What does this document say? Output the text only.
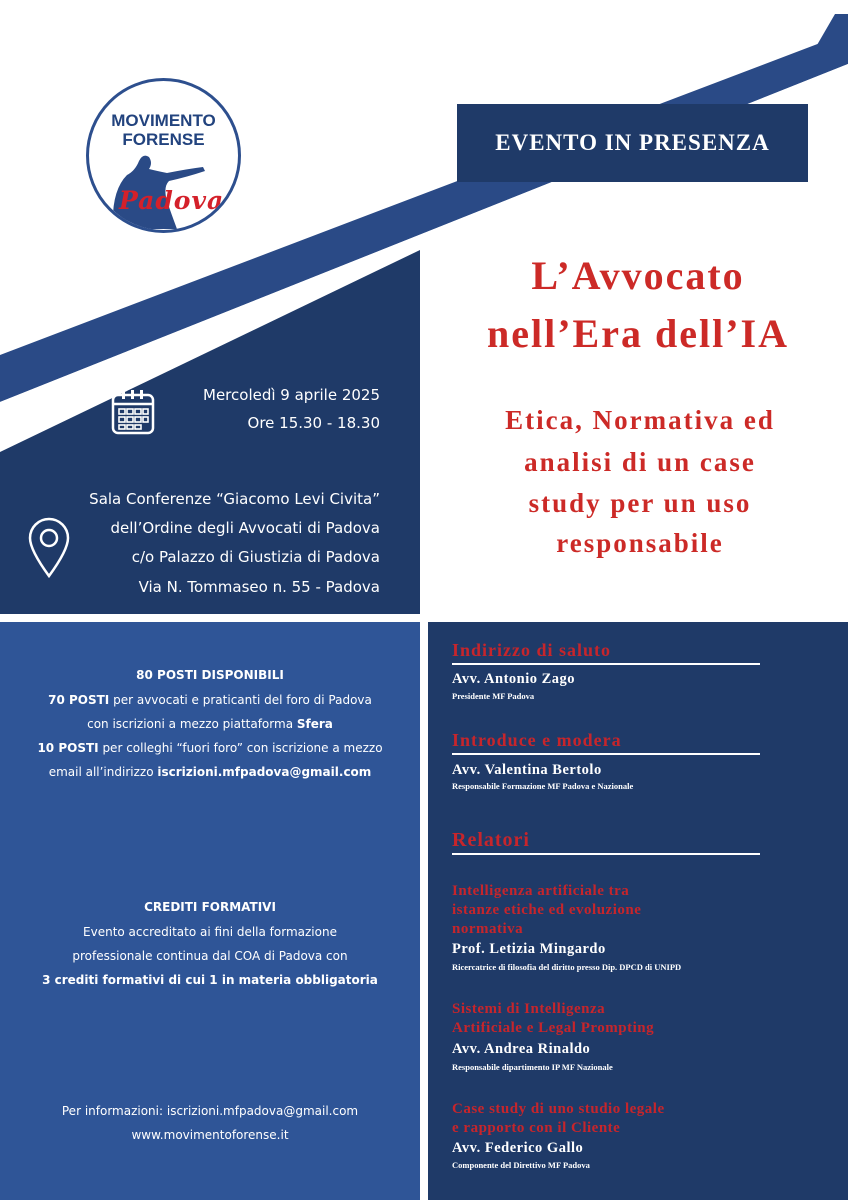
MOVIMENTO
FORENSE
Padova
EVENTO IN PRESENZA
L’Avvocato
nell’Era dell’IA
Etica, Normativa ed
analisi di un case
study per un uso
responsabile
Mercoledì 9 aprile 2025
Ore 15.30 - 18.30
Sala Conferenze “Giacomo Levi Civita”
dell’Ordine degli Avvocati di Padova
c/o Palazzo di Giustizia di Padova
Via N. Tommaseo n. 55 - Padova
80 POSTI DISPONIBILI
70 POSTI per avvocati e praticanti del foro di Padova
con iscrizioni a mezzo piattaforma Sfera
10 POSTI per colleghi “fuori foro” con iscrizione a mezzo
email all’indirizzo iscrizioni.mfpadova@gmail.com
CREDITI FORMATIVI
Evento accreditato ai fini della formazione
professionale continua dal COA di Padova con
3 crediti formativi di cui 1 in materia obbligatoria
Per informazioni: iscrizioni.mfpadova@gmail.com
www.movimentoforense.it
Indirizzo di saluto
Avv. Antonio Zago
Presidente MF Padova
Introduce e modera
Avv. Valentina Bertolo
Responsabile Formazione MF Padova e Nazionale
Relatori
Intelligenza artificiale tra
istanze etiche ed evoluzione
normativa
Prof. Letizia Mingardo
Ricercatrice di filosofia del diritto presso Dip. DPCD di UNIPD
Sistemi di Intelligenza
Artificiale e Legal Prompting
Avv. Andrea Rinaldo
Responsabile dipartimento IP MF Nazionale
Case study di uno studio legale
e rapporto con il Cliente
Avv. Federico Gallo
Componente del Direttivo MF Padova
